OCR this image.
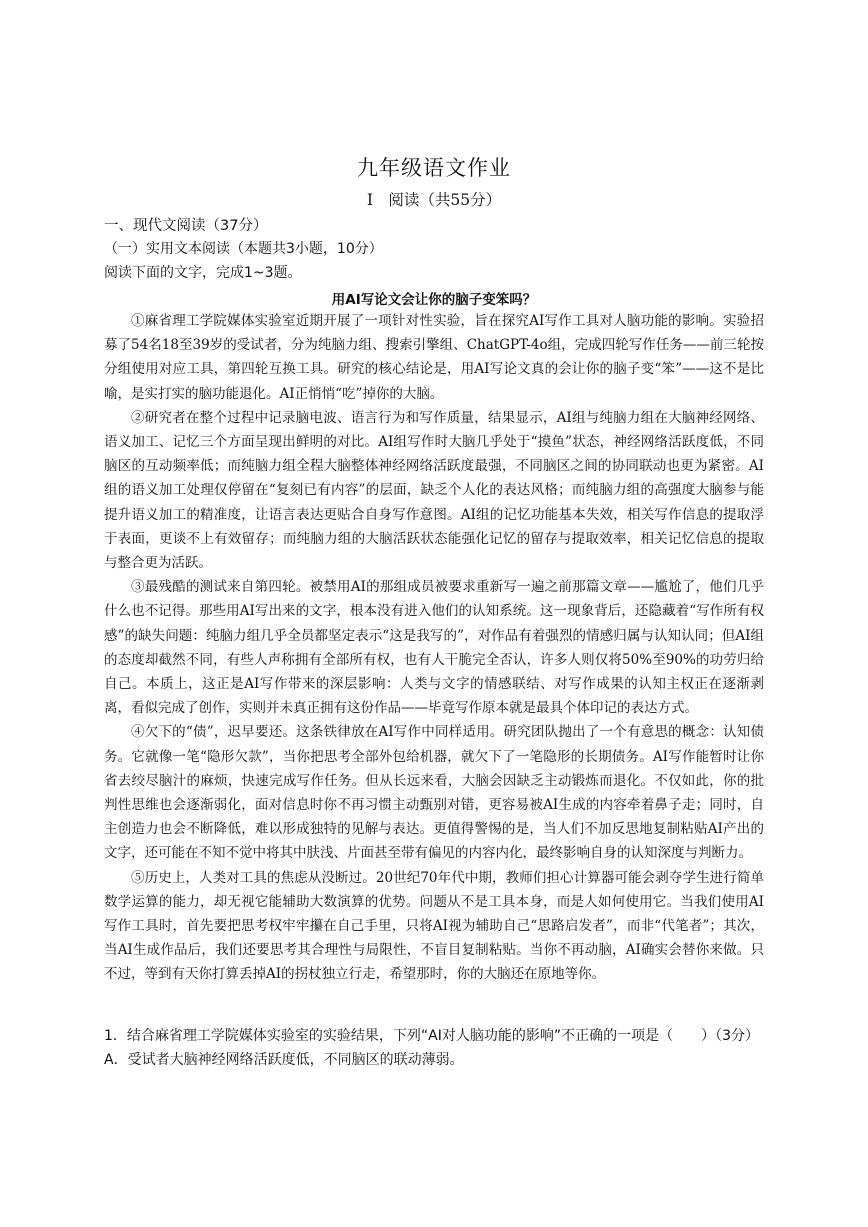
九年级语文作业
Ⅰ　阅读（共55分）
一、现代文阅读（37分）
（一）实用文本阅读（本题共3小题，10分）
阅读下面的文字，完成1~3题。
用AI写论文会让你的脑子变笨吗？

①麻省理工学院媒体实验室近期开展了一项针对性实验，旨在探究AI写作工具对人脑功能的影响。实验招募了54名18至39岁的受试者，分为纯脑力组、搜索引擎组、ChatGPT-4o组，完成四轮写作任务——前三轮按分组使用对应工具，第四轮互换工具。研究的核心结论是，用AI写论文真的会让你的脑子变“笨”——这不是比喻，是实打实的脑功能退化。AI正悄悄“吃”掉你的大脑。

②研究者在整个过程中记录脑电波、语言行为和写作质量，结果显示，AI组与纯脑力组在大脑神经网络、语义加工、记忆三个方面呈现出鲜明的对比。AI组写作时大脑几乎处于“摸鱼”状态，神经网络活跃度低，不同脑区的互动频率低；而纯脑力组全程大脑整体神经网络活跃度最强，不同脑区之间的协同联动也更为紧密。AI组的语义加工处理仅停留在“复刻已有内容”的层面，缺乏个人化的表达风格；而纯脑力组的高强度大脑参与能提升语义加工的精准度，让语言表达更贴合自身写作意图。AI组的记忆功能基本失效，相关写作信息的提取浮于表面，更谈不上有效留存；而纯脑力组的大脑活跃状态能强化记忆的留存与提取效率，相关记忆信息的提取与整合更为活跃。

③最残酷的测试来自第四轮。被禁用AI的那组成员被要求重新写一遍之前那篇文章——尴尬了，他们几乎什么也不记得。那些用AI写出来的文字，根本没有进入他们的认知系统。这一现象背后，还隐藏着“写作所有权感”的缺失问题：纯脑力组几乎全员都坚定表示“这是我写的”，对作品有着强烈的情感归属与认知认同；但AI组的态度却截然不同，有些人声称拥有全部所有权，也有人干脆完全否认，许多人则仅将50%至90%的功劳归给自己。本质上，这正是AI写作带来的深层影响：人类与文字的情感联结、对写作成果的认知主权正在逐渐剥离，看似完成了创作，实则并未真正拥有这份作品——毕竟写作原本就是最具个体印记的表达方式。

④欠下的“债”，迟早要还。这条铁律放在AI写作中同样适用。研究团队抛出了一个有意思的概念：认知债务。它就像一笔“隐形欠款”，当你把思考全部外包给机器，就欠下了一笔隐形的长期债务。AI写作能暂时让你省去绞尽脑汁的麻烦，快速完成写作任务。但从长远来看，大脑会因缺乏主动锻炼而退化。不仅如此，你的批判性思维也会逐渐弱化，面对信息时你不再习惯主动甄别对错，更容易被AI生成的内容牵着鼻子走；同时，自主创造力也会不断降低，难以形成独特的见解与表达。更值得警惕的是，当人们不加反思地复制粘贴AI产出的文字，还可能在不知不觉中将其中肤浅、片面甚至带有偏见的内容内化，最终影响自身的认知深度与判断力。

⑤历史上，人类对工具的焦虑从没断过。20世纪70年代中期，教师们担心计算器可能会剥夺学生进行简单数学运算的能力，却无视它能辅助大数演算的优势。问题从不是工具本身，而是人如何使用它。当我们使用AI写作工具时，首先要把思考权牢牢攥在自己手里，只将AI视为辅助自己“思路启发者”，而非“代笔者”；其次，当AI生成作品后，我们还要思考其合理性与局限性，不盲目复制粘贴。当你不再动脑，AI确实会替你来做。只不过，等到有天你打算丢掉AI的拐杖独立行走，希望那时，你的大脑还在原地等你。

1．结合麻省理工学院媒体实验室的实验结果，下列“AI对人脑功能的影响”不正确的一项是（　　）（3分）

A．受试者大脑神经网络活跃度低，不同脑区的联动薄弱。
